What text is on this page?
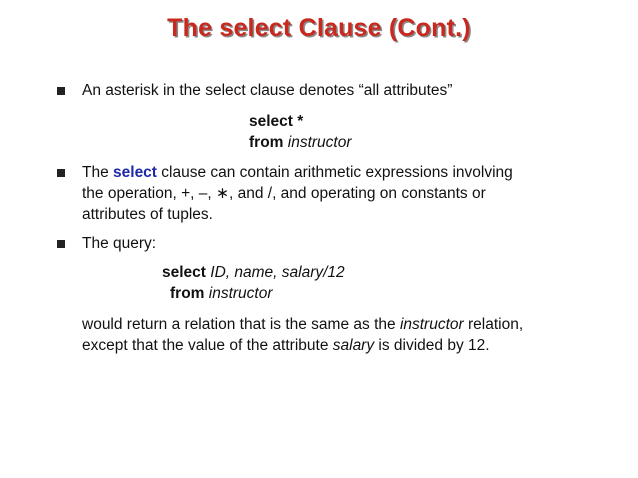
The select Clause (Cont.)
An asterisk in the select clause denotes “all attributes”
select *
from instructor
The select clause can contain arithmetic expressions involving
the operation, +, –, ∗, and /, and operating on constants or
attributes of tuples.
The query:
select ID, name, salary/12
from instructor
would return a relation that is the same as the instructor relation,
except that the value of the attribute salary is divided by 12.
